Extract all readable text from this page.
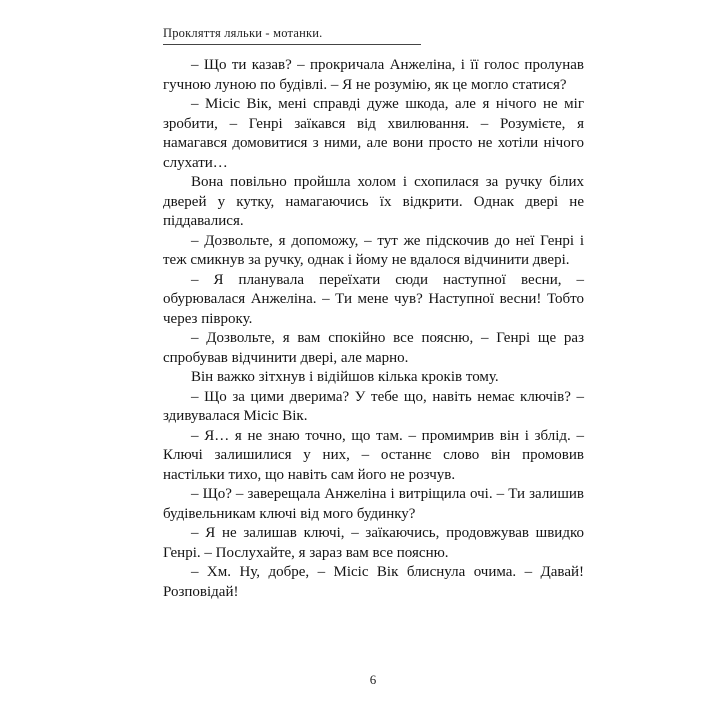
Прокляття ляльки - мотанки.

– Що ти казав? – прокричала Анжеліна, і її голос пролунав гучною луною по будівлі. – Я не розумію, як це могло статися?

– Місіс Вік, мені справді дуже шкода, але я нічого не міг зробити, – Генрі заїкався від хвилювання. – Розумієте, я намагався домовитися з ними, але вони просто не хотіли нічого слухати…

Вона повільно пройшла холом і схопилася за ручку білих дверей у кутку, намагаючись їх відкрити. Однак двері не піддавалися.

– Дозвольте, я допоможу, – тут же підскочив до неї Генрі і теж смикнув за ручку, однак і йому не вдалося відчинити двері.

– Я планувала переїхати сюди наступної весни, – обурювалася Анжеліна. – Ти мене чув? Наступної весни! Тобто через півроку.

– Дозвольте, я вам спокійно все поясню, – Генрі ще раз спробував відчинити двері, але марно.

Він важко зітхнув і відійшов кілька кроків тому.

– Що за цими дверима? У тебе що, навіть немає ключів? – здивувалася Місіс Вік.

– Я… я не знаю точно, що там. – промимрив він і зблід. – Ключі залишилися у них, – останнє слово він промовив настільки тихо, що навіть сам його не розчув.

– Що? – заверещала Анжеліна і витріщила очі. – Ти залишив будівельникам ключі від мого будинку?

– Я не залишав ключі, – заїкаючись, продовжував швидко Генрі. – Послухайте, я зараз вам все поясню.

– Хм. Ну, добре, – Місіс Вік блиснула очима. – Давай! Розповідай!

6
